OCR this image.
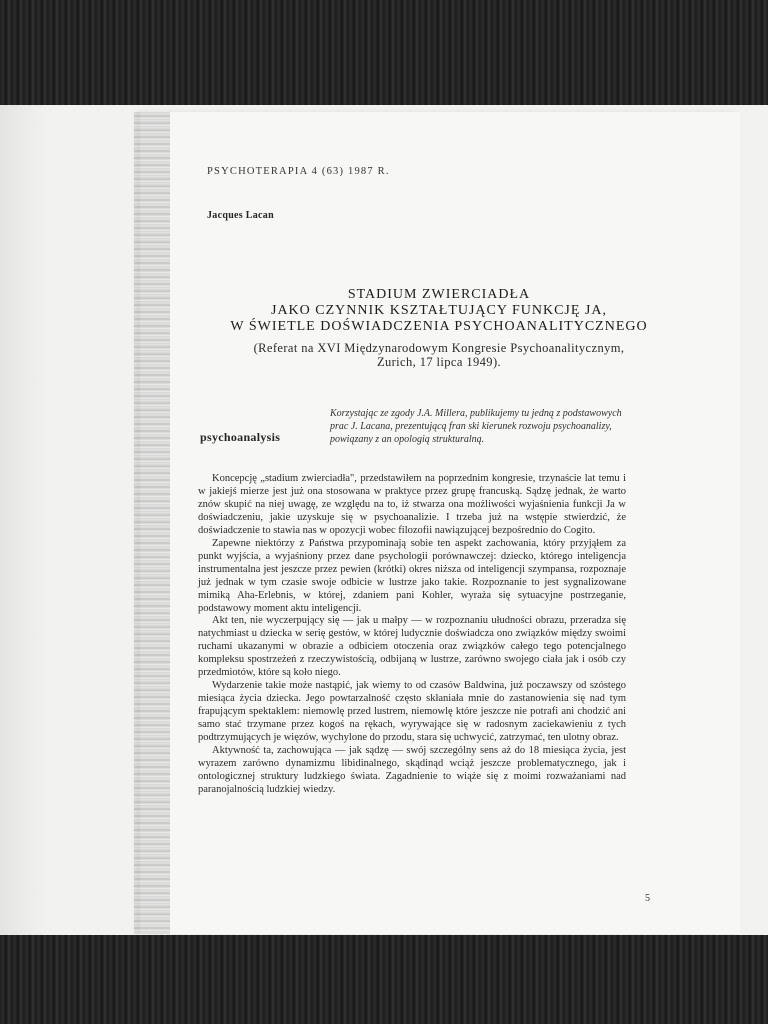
PSYCHOTERAPIA 4 (63) 1987 R.
Jacques Lacan
STADIUM ZWIERCIADŁA
JAKO CZYNNIK KSZTAŁTUJĄCY FUNKCJĘ JA,
W ŚWIETLE DOŚWIADCZENIA PSYCHOANALITYCZNEGO
(Referat na XVI Międzynarodowym Kongresie Psychoanalitycznym,
Zurich, 17 lipca 1949).
psychoanalysis
Korzystając ze zgody J.A. Millera, publikujemy tu jedną z podstawowych prac J. Lacana, prezentującą fran ski kierunek rozwoju psychoanalizy, powiązany z an opologią strukturalną.

Koncepcję „stadium zwierciadła", przedstawiłem na poprzednim kongresie, trzynaście lat temu i w jakiejś mierze jest już ona stosowana w praktyce przez grupę francuską. Sądzę jednak, że warto znów skupić na niej uwagę, ze względu na to, iż stwarza ona możliwości wyjaśnienia funkcji Ja w doświadczeniu, jakie uzyskuje się w psychoanalizie. I trzeba już na wstępie stwierdzić, że doświadczenie to stawia nas w opozycji wobec filozofii nawiązującej bezpośrednio do Cogito.

Zapewne niektórzy z Państwa przypominają sobie ten aspekt zachowania, który przyjąłem za punkt wyjścia, a wyjaśniony przez dane psychologii porównawczej: dziecko, którego inteligencja instrumentalna jest jeszcze przez pewien (krótki) okres niższa od inteligencji szympansa, rozpoznaje już jednak w tym czasie swoje odbicie w lustrze jako takie. Rozpoznanie to jest sygnalizowane mimiką Aha-Erlebnis, w której, zdaniem pani Kohler, wyraża się sytuacyjne postrzeganie, podstawowy moment aktu inteligencji.

Akt ten, nie wyczerpujący się — jak u małpy — w rozpoznaniu ułudności obrazu, przeradza się natychmiast u dziecka w serię gestów, w której ludycznie doświadcza ono związków między swoimi ruchami ukazanymi w obrazie a odbiciem otoczenia oraz związków całego tego potencjalnego kompleksu spostrzeżeń z rzeczywistością, odbijaną w lustrze, zarówno swojego ciała jak i osób czy przedmiotów, które są koło niego.

Wydarzenie takie może nastąpić, jak wiemy to od czasów Baldwina, już poczawszy od szóstego miesiąca życia dziecka. Jego powtarzalność często skłaniała mnie do zastanowienia się nad tym frapującym spektaklem: niemowlę przed lustrem, niemowlę które jeszcze nie potrafi ani chodzić ani samo stać trzymane przez kogoś na rękach, wyrywające się w radosnym zaciekawieniu z tych podtrzymujących je więzów, wychylone do przodu, stara się uchwycić, zatrzymać, ten ulotny obraz.

Aktywność ta, zachowująca — jak sądzę — swój szczególny sens aż do 18 miesiąca życia, jest wyrazem zarówno dynamizmu libidinalnego, skądinąd wciąż jeszcze problematycznego, jak i ontologicznej struktury ludzkiego świata. Zagadnienie to wiąże się z moimi rozważaniami nad paranojalnością ludzkiej wiedzy.

5
